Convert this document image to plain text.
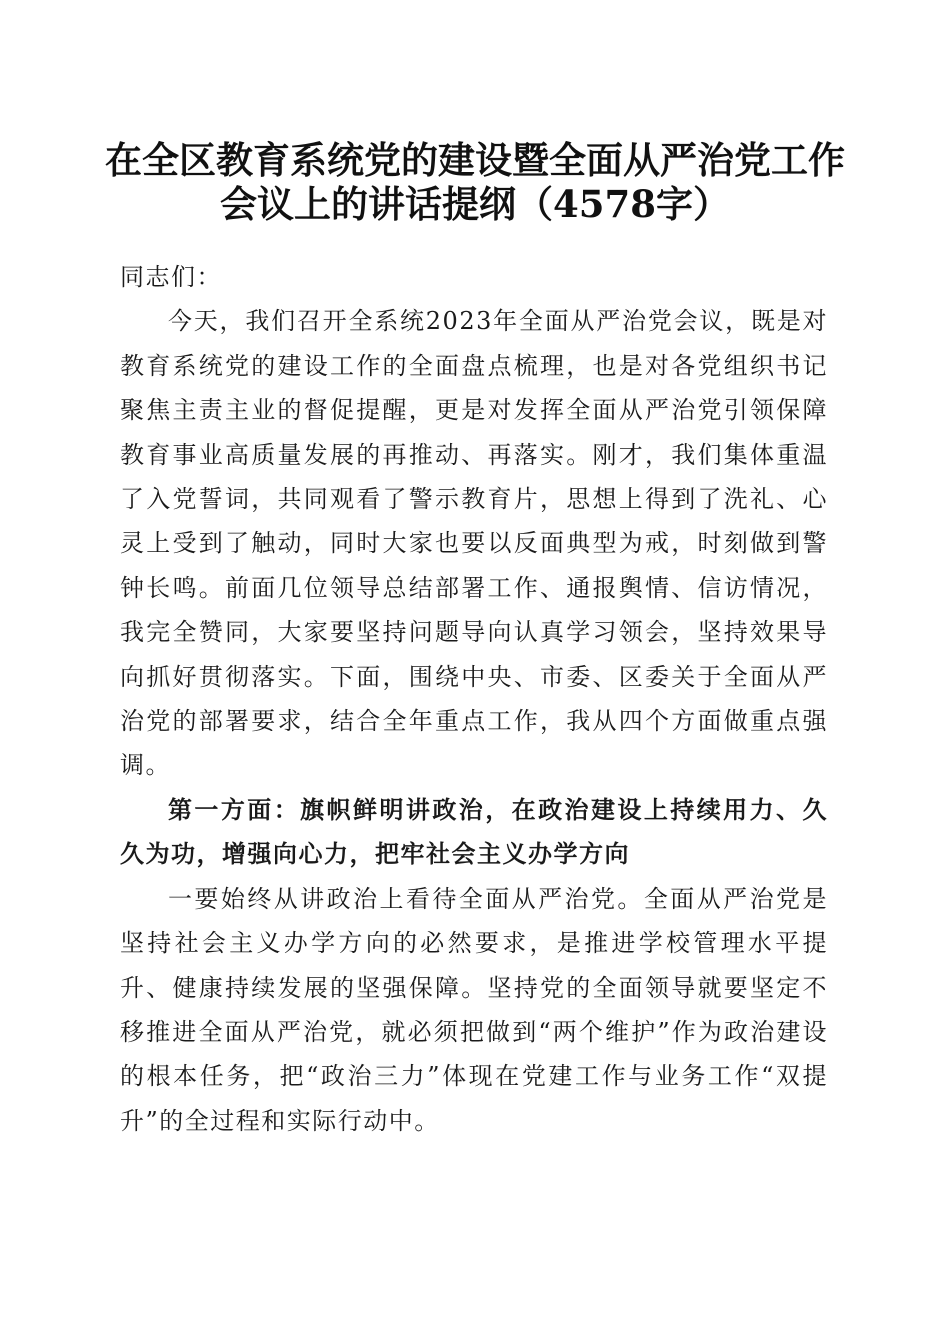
在全区教育系统党的建设暨全面从严治党工作
会议上的讲话提纲（4578字）

同志们：

今天，我们召开全系统2023年全面从严治党会议，既是对教育系统党的建设工作的全面盘点梳理，也是对各党组织书记聚焦主责主业的督促提醒，更是对发挥全面从严治党引领保障教育事业高质量发展的再推动、再落实。刚才，我们集体重温了入党誓词，共同观看了警示教育片，思想上得到了洗礼、心灵上受到了触动，同时大家也要以反面典型为戒，时刻做到警钟长鸣。前面几位领导总结部署工作、通报舆情、信访情况，我完全赞同，大家要坚持问题导向认真学习领会，坚持效果导向抓好贯彻落实。下面，围绕中央、市委、区委关于全面从严治党的部署要求，结合全年重点工作，我从四个方面做重点强调。

第一方面：旗帜鲜明讲政治，在政治建设上持续用力、久久为功，增强向心力，把牢社会主义办学方向

一要始终从讲政治上看待全面从严治党。全面从严治党是坚持社会主义办学方向的必然要求，是推进学校管理水平提升、健康持续发展的坚强保障。坚持党的全面领导就要坚定不移推进全面从严治党，就必须把做到“两个维护”作为政治建设的根本任务，把“政治三力”体现在党建工作与业务工作“双提升”的全过程和实际行动中。
